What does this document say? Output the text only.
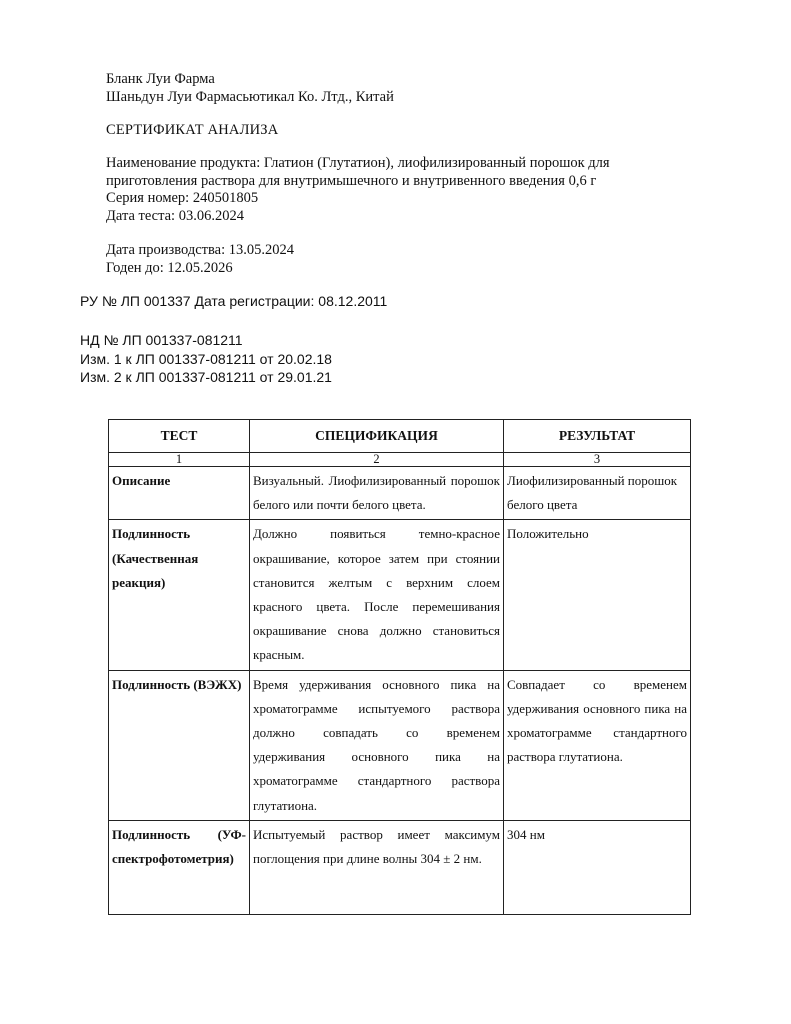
Бланк Луи Фарма
Шаньдун Луи Фармасьютикал Ко. Лтд., Китай
СЕРТИФИКАТ АНАЛИЗА
Наименование продукта: Глатион (Глутатион), лиофилизированный порошок для
приготовления раствора для внутримышечного и внутривенного введения 0,6 г
Серия номер: 240501805
Дата теста: 03.06.2024
Дата производства: 13.05.2024
Годен до: 12.05.2026
РУ № ЛП 001337 Дата регистрации: 08.12.2011
НД № ЛП 001337-081211
Изм. 1 к ЛП 001337-081211 от 20.02.18
Изм. 2 к ЛП 001337-081211 от 29.01.21
ТЕСТ	СПЕЦИФИКАЦИЯ	РЕЗУЛЬТАТ
1	2	3
Описание	Визуальный. Лиофилизированный порошок белого или почти белого цвета.	Лиофилизированный порошок белого цвета
Подлинность (Качественная реакция)	Должно появиться темно-красное окрашивание, которое затем при стоянии становится желтым с верхним слоем красного цвета. После перемешивания окрашивание снова должно становиться красным.	Положительно
Подлинность (ВЭЖХ)	Время удерживания основного пика на хроматограмме испытуемого раствора должно совпадать со временем удерживания основного пика на хроматограмме стандартного раствора глутатиона.	Совпадает со временем удерживания основного пика на хроматограмме стандартного раствора глутатиона.
Подлинность (УФ-спектрофотометрия)	Испытуемый раствор имеет максимум поглощения при длине волны 304 ± 2 нм.	304 нм
